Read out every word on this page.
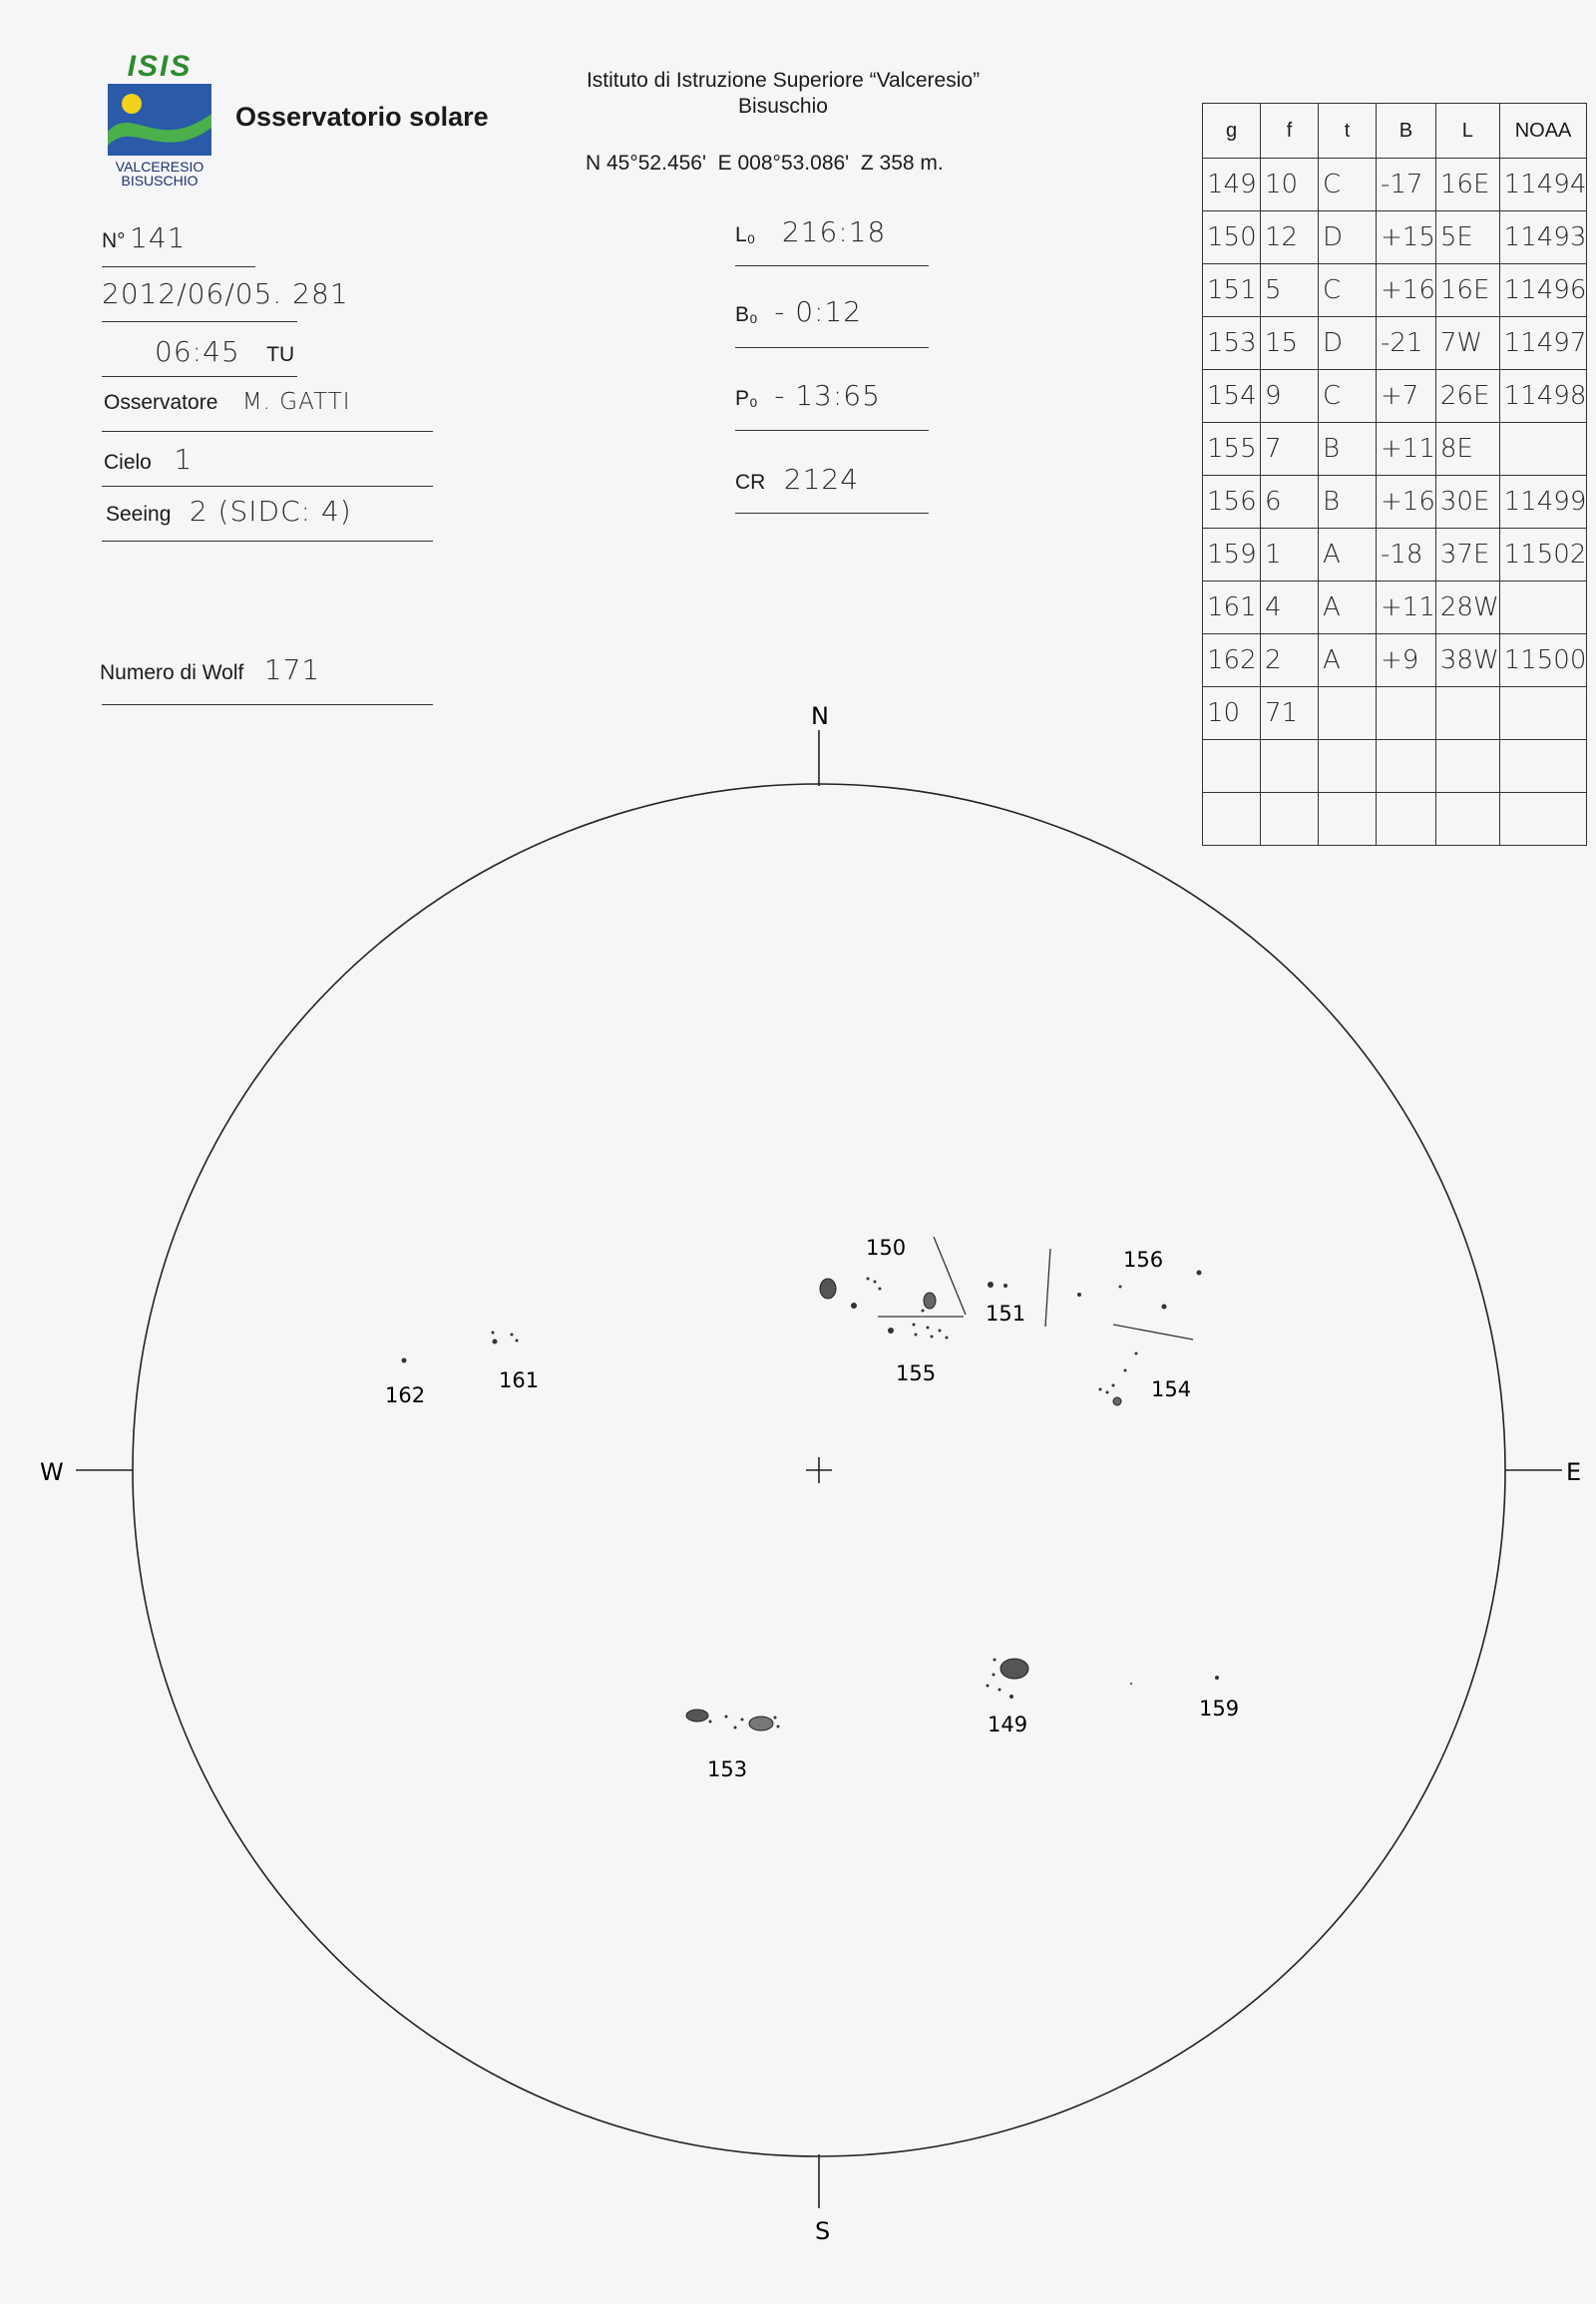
ISIS
VALCERESIO
BISUSCHIO
Osservatorio solare
Istituto di Istruzione Superiore “Valceresio”
Bisuschio
N 45°52.456'  E 008°53.086'  Z 358 m.
N° 141
2012/06/05. 281
06:45 TU
Osservatore M. GATTI
Cielo 1
Seeing 2 (SIDC: 4)
Numero di Wolf 171
L₀ 216:18
B₀ - 0:12
P₀ - 13:65
CR 2124
g	f	t	B	L	NOAA
149	10	C	-17	16E	11494
150	12	D	+15	5E	11493
151	5	C	+16	16E	11496
153	15	D	-21	7W	11497
154	9	C	+7	26E	11498
155	7	B	+11	8E	
156	6	B	+16	30E	11499
159	1	A	-18	37E	11502
161	4	A	+11	28W	
162	2	A	+9	38W	11500
10	71				

N
S
W	E
150
151
155
156
154
161
162
149
159
153
